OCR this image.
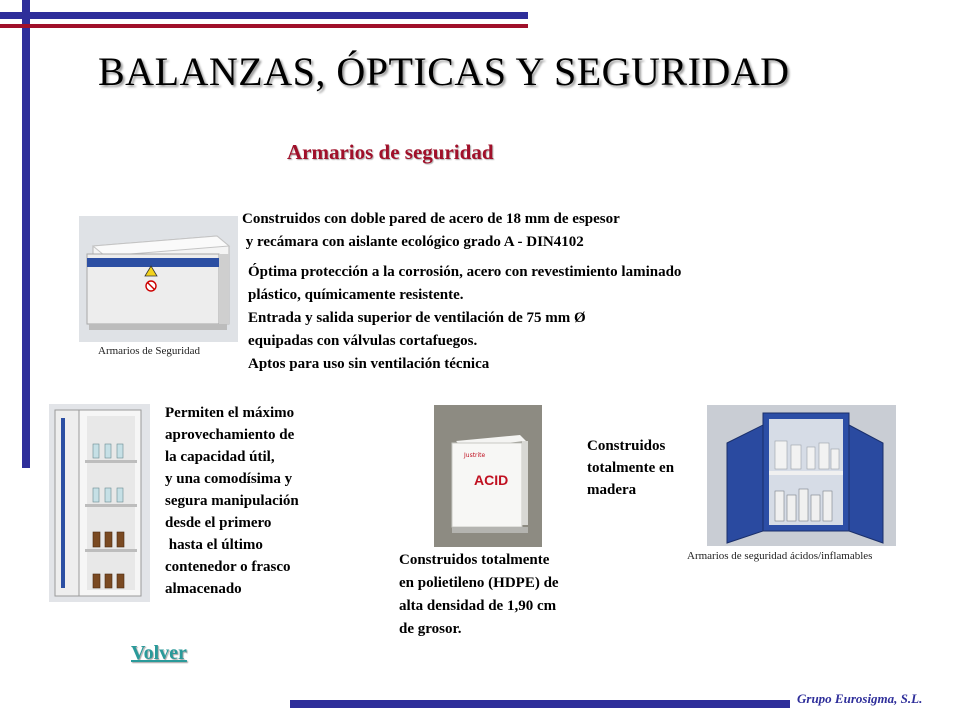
BALANZAS, ÓPTICAS Y SEGURIDAD
Armarios de seguridad
Armarios de Seguridad
Construidos con doble pared de acero de 18 mm de espesor
y recámara con aislante ecológico grado A - DIN4102
Óptima protección a la corrosión, acero con revestimiento laminado
plástico, químicamente resistente.
Entrada y salida superior de ventilación de 75 mm Ø
equipadas con válvulas cortafuegos.
Aptos para uso sin ventilación técnica
Permiten el máximo
aprovechamiento de
la capacidad útil,
y una comodísima y
segura manipulación
desde el primero
hasta el último
contenedor o frasco
almacenado
Justrite
ACID
Construidos totalmente
en polietileno (HDPE) de
alta densidad de 1,90 cm
de grosor.
Construidos
totalmente en
madera
Armarios de seguridad ácidos/inflamables
Volver
Grupo Eurosigma, S.L.
